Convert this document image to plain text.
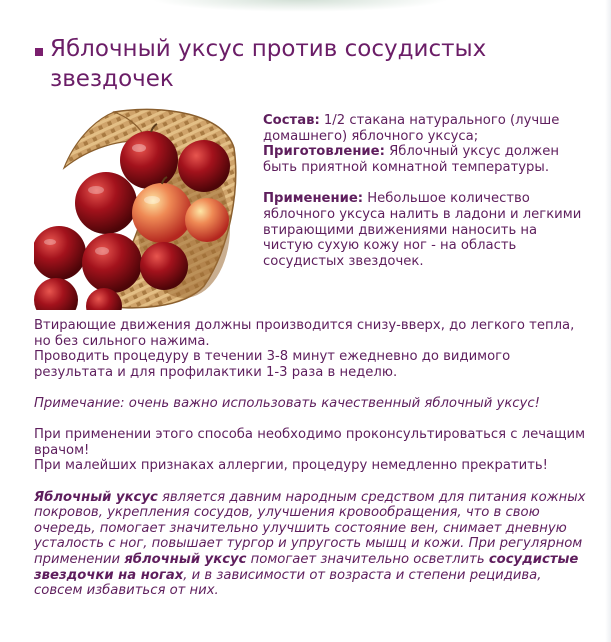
Яблочный уксус против сосудистых звездочек

Состав: 1/2 стакана натурального (лучше домашнего) яблочного уксуса;

Приготовление: Яблочный уксус должен быть приятной комнатной температуры.

Применение: Небольшое количество яблочного уксуса налить в ладони и легкими втирающими движениями наносить на чистую сухую кожу ног - на область сосудистых звездочек.

Втирающие движения должны производится снизу-вверх, до легкого тепла, но без сильного нажима.

Проводить процедуру в течении 3-8 минут ежедневно до видимого результата и для профилактики 1-3 раза в неделю.

Примечание: очень важно использовать качественный яблочный уксус!

При применении этого способа необходимо проконсультироваться с лечащим врачом!

При малейших признаках аллергии, процедуру немедленно прекратить!

Яблочный уксус является давним народным средством для питания кожных покровов, укрепления сосудов, улучшения кровообращения, что в свою очередь, помогает значительно улучшить состояние вен, снимает дневную усталость с ног, повышает тургор и упругость мышц и кожи. При регулярном применении яблочный уксус помогает значительно осветлить сосудистые звездочки на ногах, и в зависимости от возраста и степени рецидива, совсем избавиться от них.
